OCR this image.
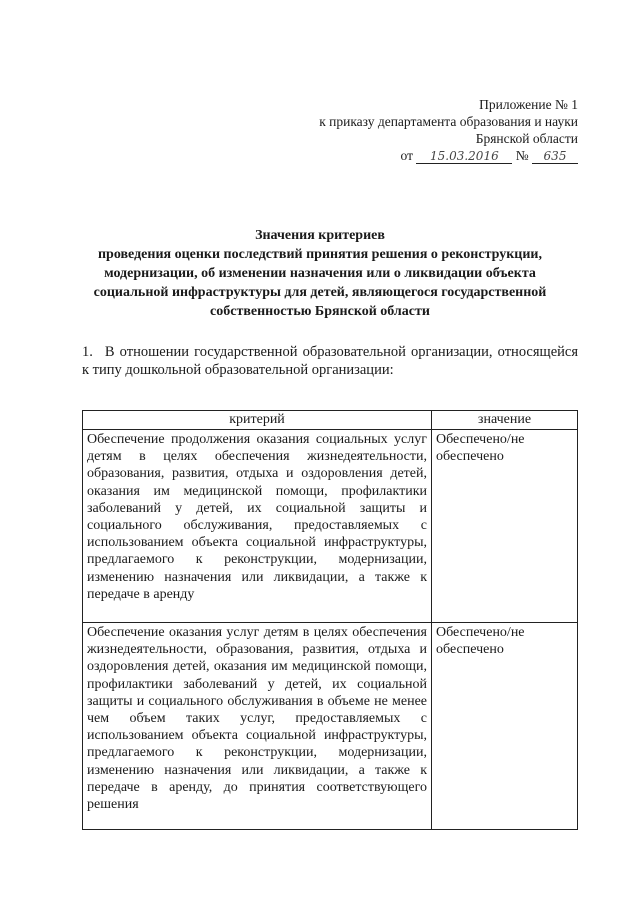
Приложение № 1
к приказу департамента образования и науки
Брянской области
от 15.03.2016 № 635
Значения критериев
проведения оценки последствий принятия решения о реконструкции,
модернизации, об изменении назначения или о ликвидации объекта
социальной инфраструктуры для детей, являющегося государственной
собственностью Брянской области
1. В отношении государственной образовательной организации, относящейся к типу дошкольной образовательной организации:
критерий	значение
Обеспечение продолжения оказания социальных услуг детям в целях обеспечения жизнедеятельности, образования, развития, отдыха и оздоровления детей, оказания им медицинской помощи, профилактики заболеваний у детей, их социальной защиты и социального обслуживания, предоставляемых с использованием объекта социальной инфраструктуры, предлагаемого к реконструкции, модернизации, изменению назначения или ликвидации, а также к передаче в аренду	Обеспечено/не обеспечено
Обеспечение оказания услуг детям в целях обеспечения жизнедеятельности, образования, развития, отдыха и оздоровления детей, оказания им медицинской помощи, профилактики заболеваний у детей, их социальной защиты и социального обслуживания в объеме не менее чем объем таких услуг, предоставляемых с использованием объекта социальной инфраструктуры, предлагаемого к реконструкции, модернизации, изменению назначения или ликвидации, а также к передаче в аренду, до принятия соответствующего решения	Обеспечено/не обеспечено
